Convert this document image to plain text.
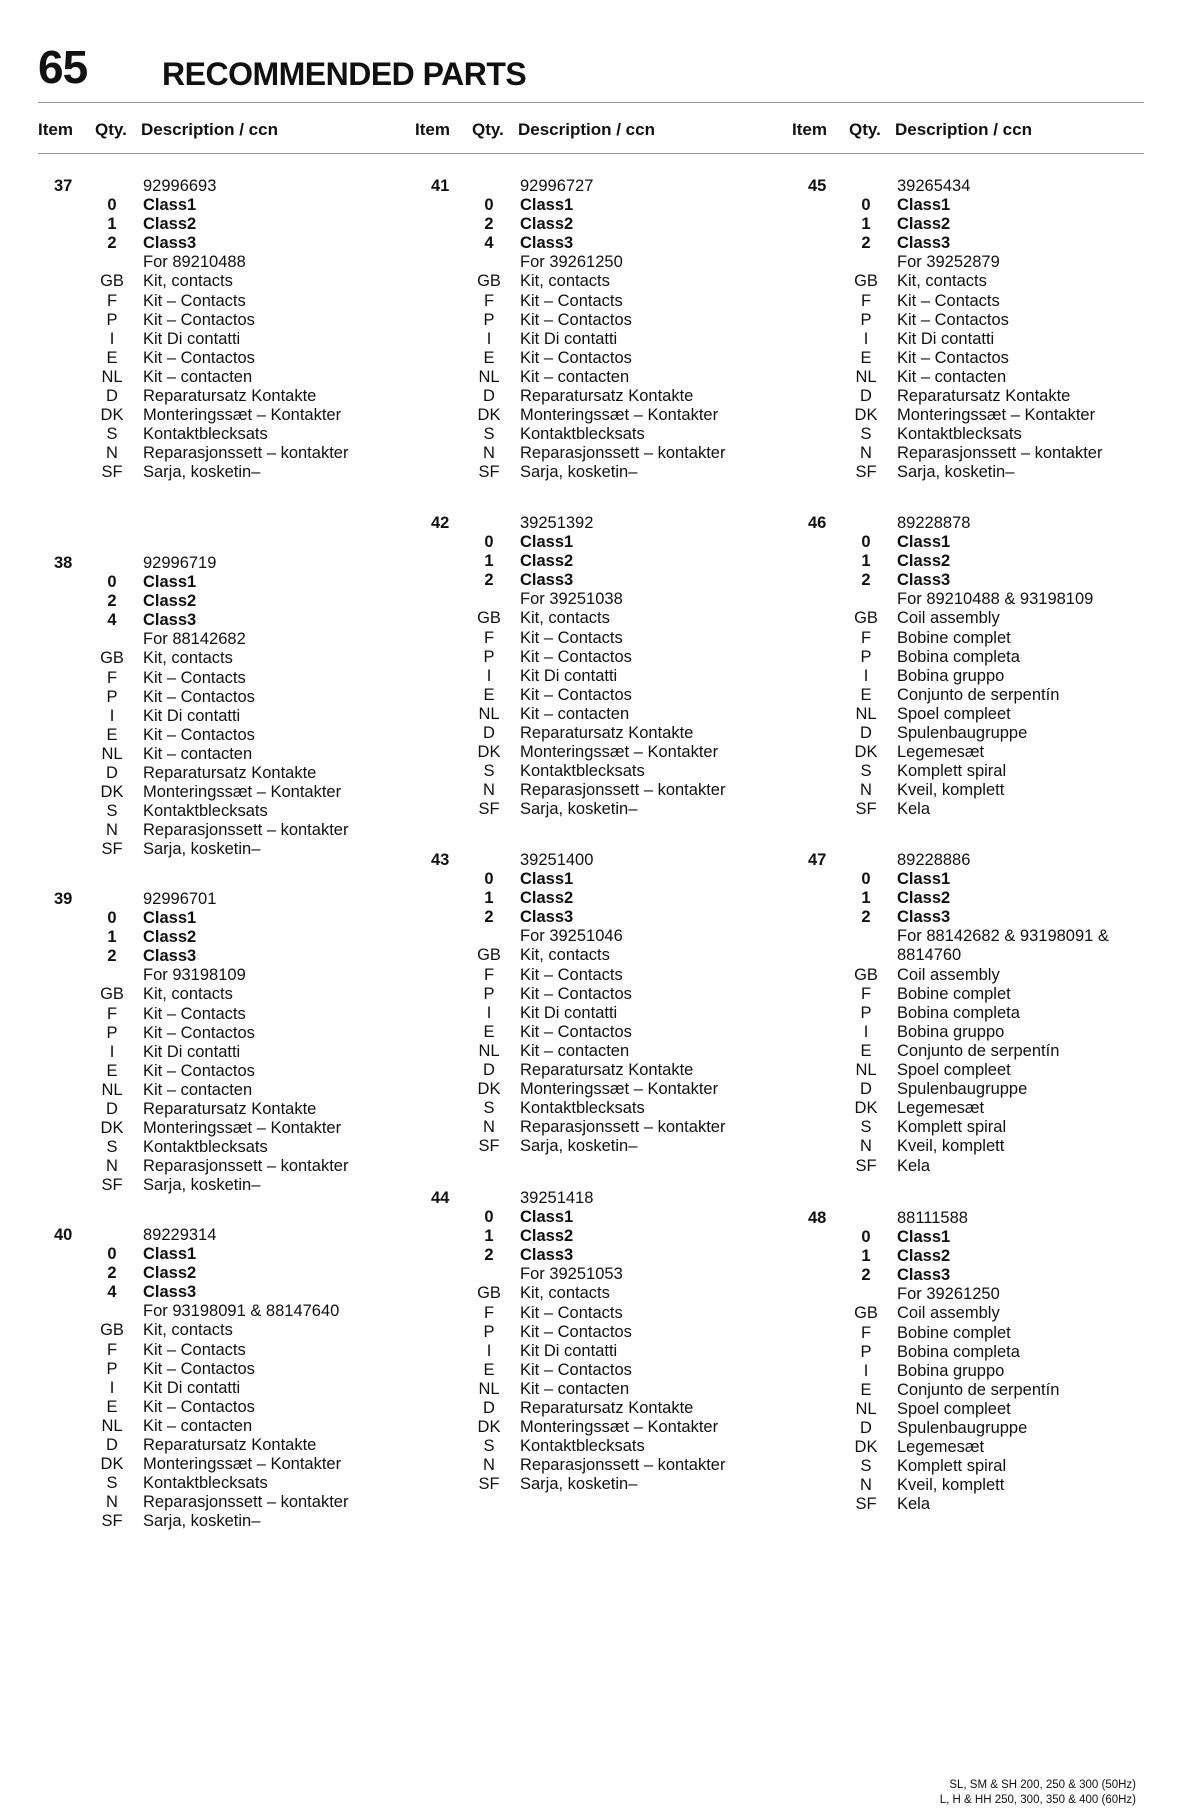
65 RECOMMENDED PARTS
Item Qty. Description / ccn	Item Qty. Description / ccn	Item Qty. Description / ccn
37	92996693
0	Class1
1	Class2
2	Class3
For 89210488
GB	Kit, contacts
F	Kit – Contacts
P	Kit – Contactos
I	Kit Di contatti
E	Kit – Contactos
NL	Kit – contacten
D	Reparatursatz Kontakte
DK	Monteringssæt – Kontakter
S	Kontaktblecksats
N	Reparasjonssett – kontakter
SF	Sarja, kosketin–
38	92996719
0	Class1
2	Class2
4	Class3
For 88142682
GB	Kit, contacts
F	Kit – Contacts
P	Kit – Contactos
I	Kit Di contatti
E	Kit – Contactos
NL	Kit – contacten
D	Reparatursatz Kontakte
DK	Monteringssæt – Kontakter
S	Kontaktblecksats
N	Reparasjonssett – kontakter
SF	Sarja, kosketin–
39	92996701
0	Class1
1	Class2
2	Class3
For 93198109
GB	Kit, contacts
F	Kit – Contacts
P	Kit – Contactos
I	Kit Di contatti
E	Kit – Contactos
NL	Kit – contacten
D	Reparatursatz Kontakte
DK	Monteringssæt – Kontakter
S	Kontaktblecksats
N	Reparasjonssett – kontakter
SF	Sarja, kosketin–
40	89229314
0	Class1
2	Class2
4	Class3
For 93198091 & 88147640
GB	Kit, contacts
F	Kit – Contacts
P	Kit – Contactos
I	Kit Di contatti
E	Kit – Contactos
NL	Kit – contacten
D	Reparatursatz Kontakte
DK	Monteringssæt – Kontakter
S	Kontaktblecksats
N	Reparasjonssett – kontakter
SF	Sarja, kosketin–
41	92996727
0	Class1
2	Class2
4	Class3
For 39261250
GB	Kit, contacts
F	Kit – Contacts
P	Kit – Contactos
I	Kit Di contatti
E	Kit – Contactos
NL	Kit – contacten
D	Reparatursatz Kontakte
DK	Monteringssæt – Kontakter
S	Kontaktblecksats
N	Reparasjonssett – kontakter
SF	Sarja, kosketin–
42	39251392
0	Class1
1	Class2
2	Class3
For 39251038
GB	Kit, contacts
F	Kit – Contacts
P	Kit – Contactos
I	Kit Di contatti
E	Kit – Contactos
NL	Kit – contacten
D	Reparatursatz Kontakte
DK	Monteringssæt – Kontakter
S	Kontaktblecksats
N	Reparasjonssett – kontakter
SF	Sarja, kosketin–
43	39251400
0	Class1
1	Class2
2	Class3
For 39251046
GB	Kit, contacts
F	Kit – Contacts
P	Kit – Contactos
I	Kit Di contatti
E	Kit – Contactos
NL	Kit – contacten
D	Reparatursatz Kontakte
DK	Monteringssæt – Kontakter
S	Kontaktblecksats
N	Reparasjonssett – kontakter
SF	Sarja, kosketin–
44	39251418
0	Class1
1	Class2
2	Class3
For 39251053
GB	Kit, contacts
F	Kit – Contacts
P	Kit – Contactos
I	Kit Di contatti
E	Kit – Contactos
NL	Kit – contacten
D	Reparatursatz Kontakte
DK	Monteringssæt – Kontakter
S	Kontaktblecksats
N	Reparasjonssett – kontakter
SF	Sarja, kosketin–
45	39265434
0	Class1
1	Class2
2	Class3
For 39252879
GB	Kit, contacts
F	Kit – Contacts
P	Kit – Contactos
I	Kit Di contatti
E	Kit – Contactos
NL	Kit – contacten
D	Reparatursatz Kontakte
DK	Monteringssæt – Kontakter
S	Kontaktblecksats
N	Reparasjonssett – kontakter
SF	Sarja, kosketin–
46	89228878
0	Class1
1	Class2
2	Class3
For 89210488 & 93198109
GB	Coil assembly
F	Bobine complet
P	Bobina completa
I	Bobina gruppo
E	Conjunto de serpentín
NL	Spoel compleet
D	Spulenbaugruppe
DK	Legemesæt
S	Komplett spiral
N	Kveil, komplett
SF	Kela
47	89228886
0	Class1
1	Class2
2	Class3
For 88142682 & 93198091 &
8814760
GB	Coil assembly
F	Bobine complet
P	Bobina completa
I	Bobina gruppo
E	Conjunto de serpentín
NL	Spoel compleet
D	Spulenbaugruppe
DK	Legemesæt
S	Komplett spiral
N	Kveil, komplett
SF	Kela
48	88111588
0	Class1
1	Class2
2	Class3
For 39261250
GB	Coil assembly
F	Bobine complet
P	Bobina completa
I	Bobina gruppo
E	Conjunto de serpentín
NL	Spoel compleet
D	Spulenbaugruppe
DK	Legemesæt
S	Komplett spiral
N	Kveil, komplett
SF	Kela
SL, SM & SH 200, 250 & 300 (50Hz)
L, H & HH 250, 300, 350 & 400 (60Hz)
